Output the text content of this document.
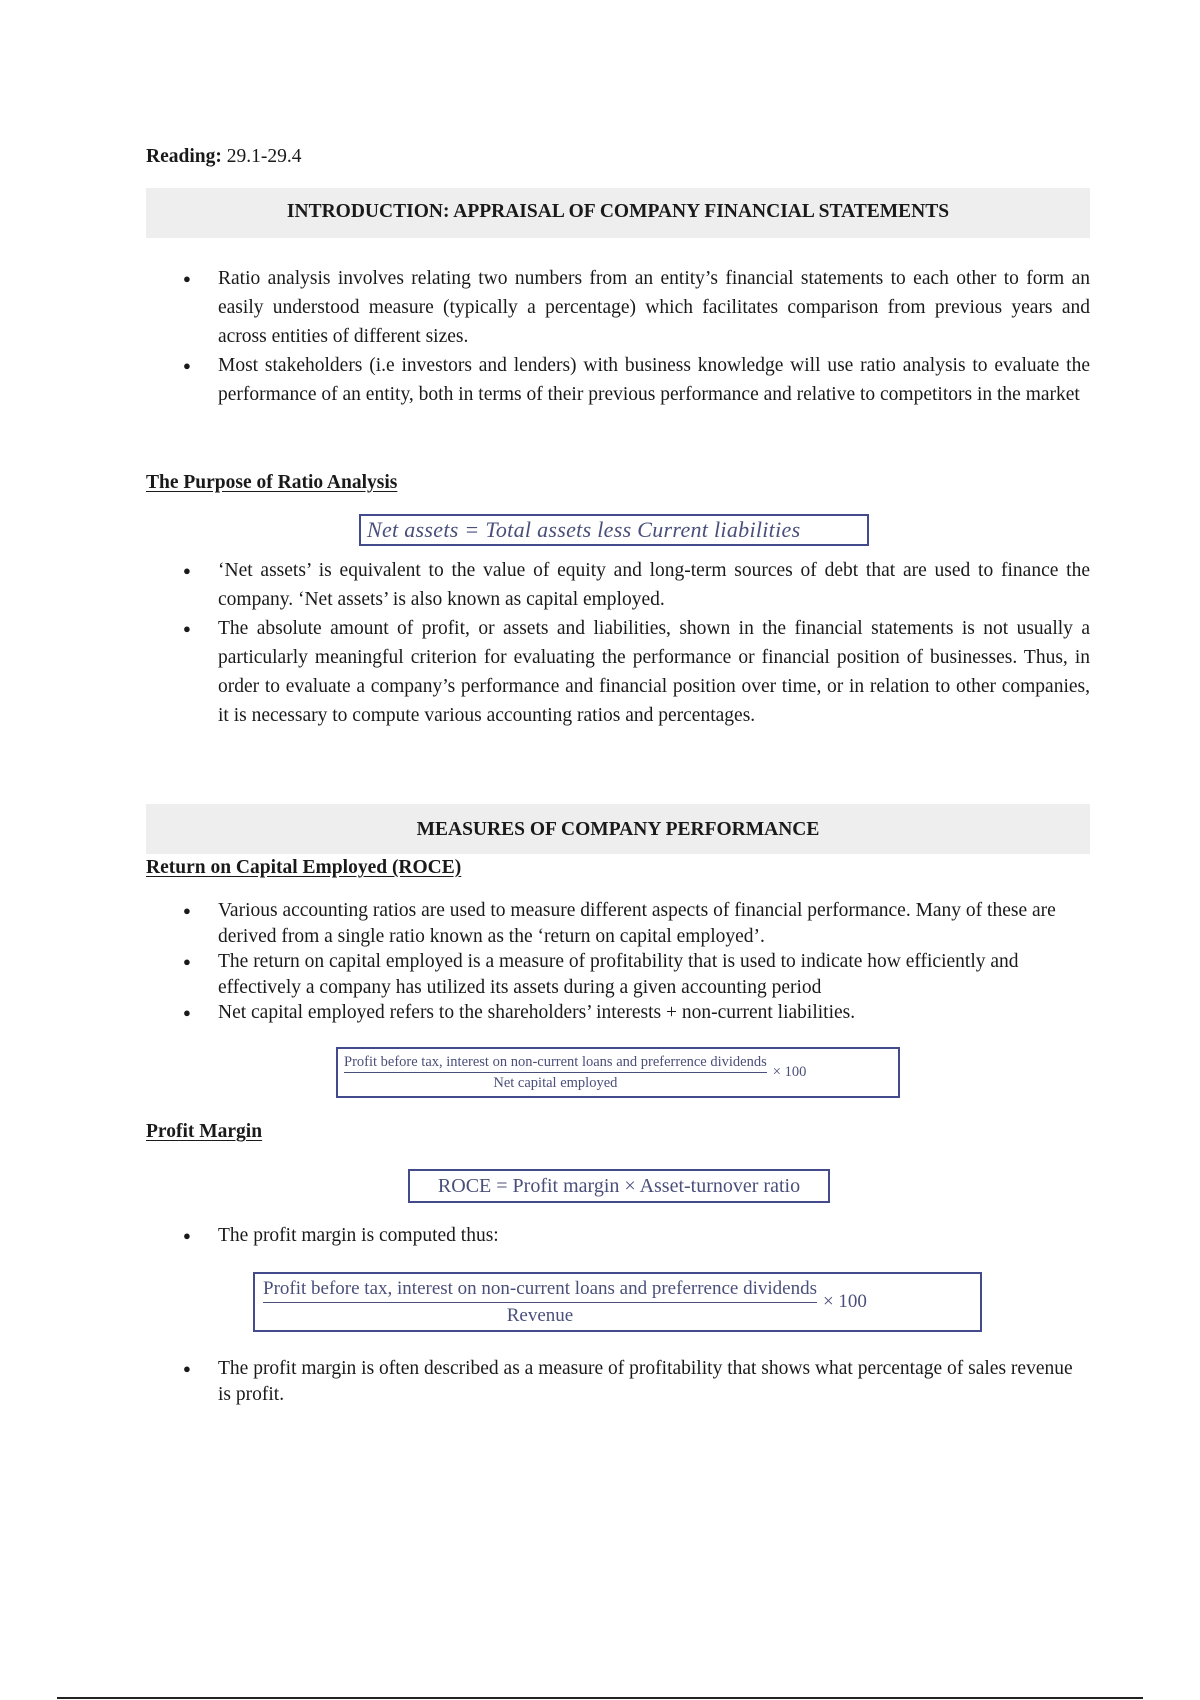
Reading: 29.1-29.4
INTRODUCTION: APPRAISAL OF COMPANY FINANCIAL STATEMENTS
● Ratio analysis involves relating two numbers from an entity’s financial statements to each other to form an easily understood measure (typically a percentage) which facilitates comparison from previous years and across entities of different sizes.
● Most stakeholders (i.e investors and lenders) with business knowledge will use ratio analysis to evaluate the performance of an entity, both in terms of their previous performance and relative to competitors in the market
The Purpose of Ratio Analysis
Net assets = Total assets less Current liabilities
● ‘Net assets’ is equivalent to the value of equity and long-term sources of debt that are used to finance the company. ‘Net assets’ is also known as capital employed.
● The absolute amount of profit, or assets and liabilities, shown in the financial statements is not usually a particularly meaningful criterion for evaluating the performance or financial position of businesses. Thus, in order to evaluate a company’s performance and financial position over time, or in relation to other companies, it is necessary to compute various accounting ratios and percentages.
MEASURES OF COMPANY PERFORMANCE
Return on Capital Employed (ROCE)
● Various accounting ratios are used to measure different aspects of financial performance. Many of these are derived from a single ratio known as the ‘return on capital employed’.
● The return on capital employed is a measure of profitability that is used to indicate how efficiently and effectively a company has utilized its assets during a given accounting period
● Net capital employed refers to the shareholders’ interests + non-current liabilities.
Profit before tax, interest on non-current loans and preferrence dividends
Net capital employed
× 100
Profit Margin
ROCE = Profit margin × Asset-turnover ratio
● The profit margin is computed thus:
Profit before tax, interest on non-current loans and preferrence dividends
Revenue
× 100
● The profit margin is often described as a measure of profitability that shows what percentage of sales revenue is profit.
